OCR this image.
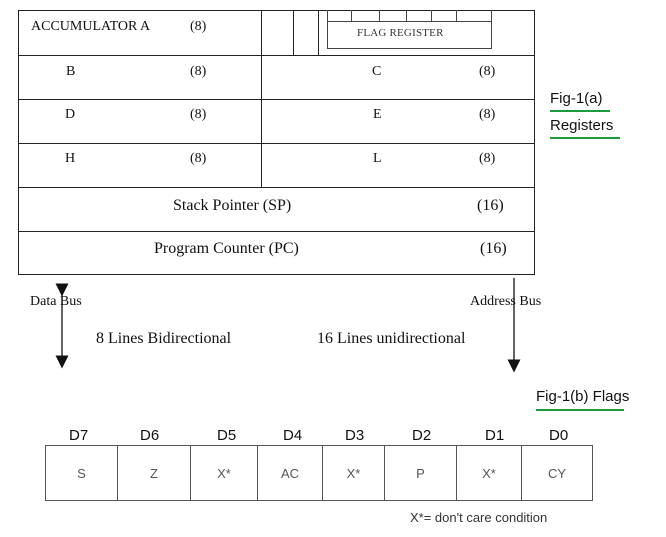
FLAG REGISTER
ACCUMULATOR A	(8)
B	(8)	C	(8)
D	(8)	E	(8)
H	(8)	L	(8)
Stack Pointer (SP)	(16)
Program Counter (PC)	(16)
Fig-1(a)
Registers
Data Bus	Address Bus
8 Lines Bidirectional	16 Lines unidirectional
Fig-1(b) Flags
D7	D6	D5	D4	D3	D2	D1	D0
S	Z	X*	AC	X*	P	X*	CY
X*= don't care condition
